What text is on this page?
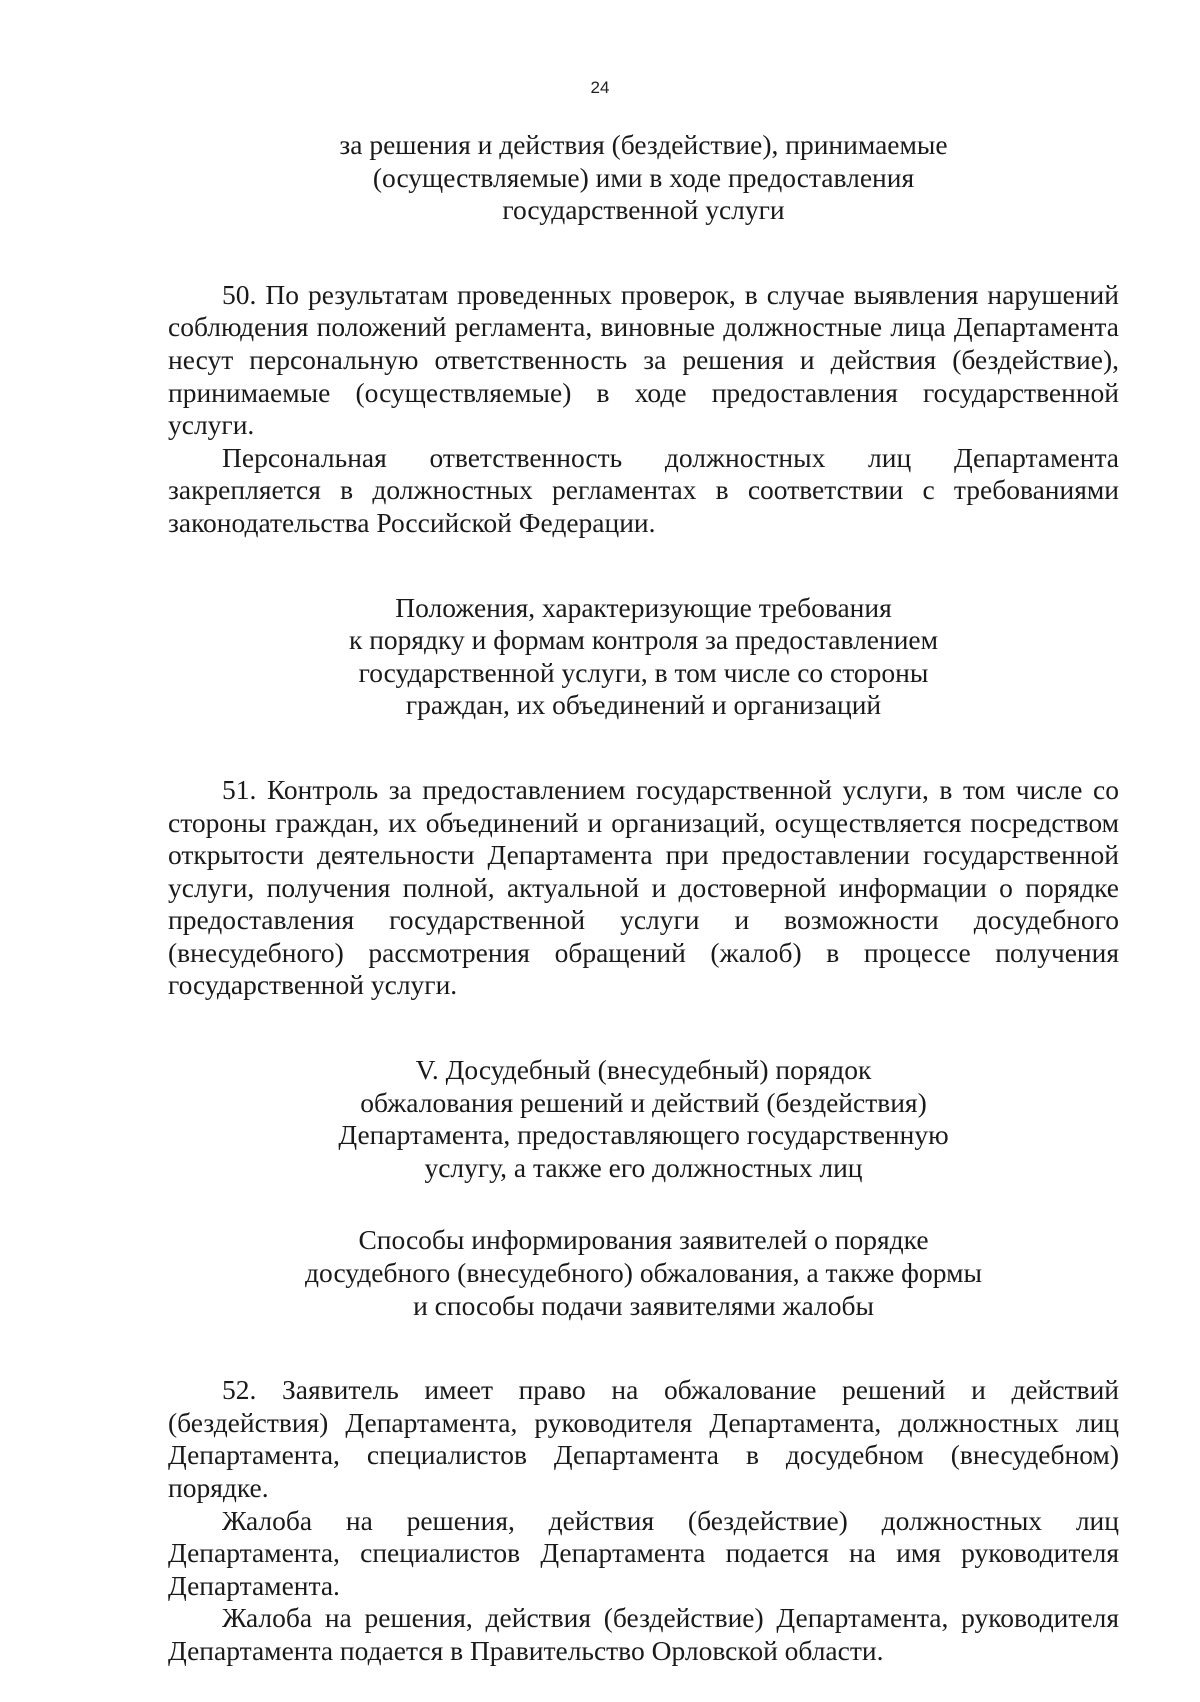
24
за решения и действия (бездействие), принимаемые
(осуществляемые) ими в ходе предоставления
государственной услуги

50. По результатам проведенных проверок, в случае выявления нарушений соблюдения положений регламента, виновные должностные лица Департамента несут персональную ответственность за решения и действия (бездействие), принимаемые (осуществляемые) в ходе предоставления государственной услуги.

Персональная ответственность должностных лиц Департамента закрепляется в должностных регламентах в соответствии с требованиями законодательства Российской Федерации.

Положения, характеризующие требования
к порядку и формам контроля за предоставлением
государственной услуги, в том числе со стороны
граждан, их объединений и организаций

51. Контроль за предоставлением государственной услуги, в том числе со стороны граждан, их объединений и организаций, осуществляется посредством открытости деятельности Департамента при предоставлении государственной услуги, получения полной, актуальной и достоверной информации о порядке предоставления государственной услуги и возможности досудебного (внесудебного) рассмотрения обращений (жалоб) в процессе получения государственной услуги.

V. Досудебный (внесудебный) порядок
обжалования решений и действий (бездействия)
Департамента, предоставляющего государственную
услугу, а также его должностных лиц
Способы информирования заявителей о порядке
досудебного (внесудебного) обжалования, а также формы
и способы подачи заявителями жалобы

52. Заявитель имеет право на обжалование решений и действий (бездействия) Департамента, руководителя Департамента, должностных лиц Департамента, специалистов Департамента в досудебном (внесудебном) порядке.

Жалоба на решения, действия (бездействие) должностных лиц Департамента, специалистов Департамента подается на имя руководителя Департамента.

Жалоба на решения, действия (бездействие) Департамента, руководителя Департамента подается в Правительство Орловской области.
